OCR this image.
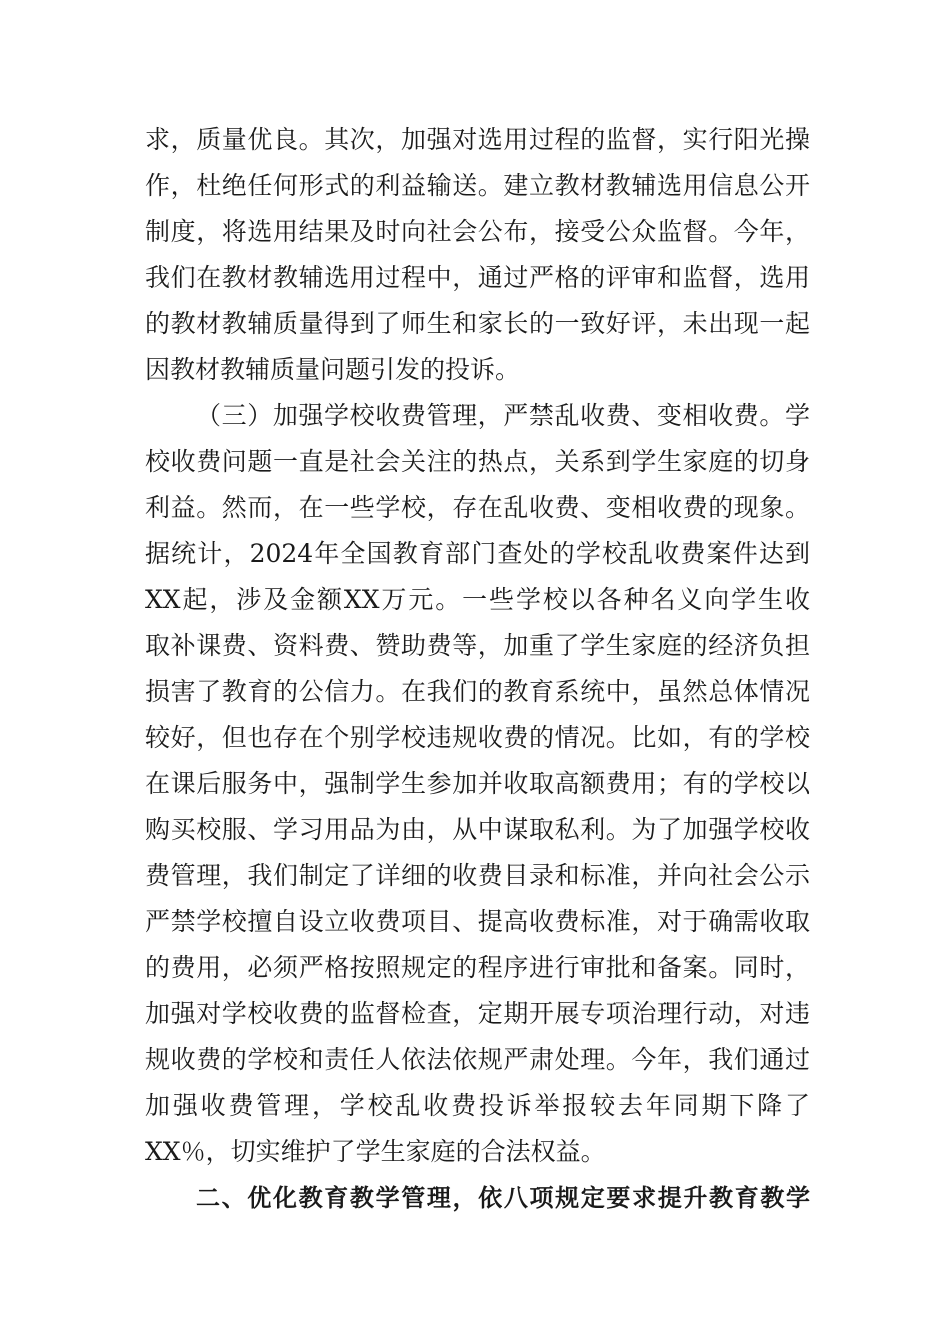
求，质量优良。其次，加强对选用过程的监督，实行阳光操
作，杜绝任何形式的利益输送。建立教材教辅选用信息公开
制度，将选用结果及时向社会公布，接受公众监督。今年，
我们在教材教辅选用过程中，通过严格的评审和监督，选用
的教材教辅质量得到了师生和家长的一致好评，未出现一起
因教材教辅质量问题引发的投诉。
（三）加强学校收费管理，严禁乱收费、变相收费。学
校收费问题一直是社会关注的热点，关系到学生家庭的切身
利益。然而，在一些学校，存在乱收费、变相收费的现象。
据统计，2024年全国教育部门查处的学校乱收费案件达到
XX起，涉及金额XX万元。一些学校以各种名义向学生收
取补课费、资料费、赞助费等，加重了学生家庭的经济负担
损害了教育的公信力。在我们的教育系统中，虽然总体情况
较好，但也存在个别学校违规收费的情况。比如，有的学校
在课后服务中，强制学生参加并收取高额费用；有的学校以
购买校服、学习用品为由，从中谋取私利。为了加强学校收
费管理，我们制定了详细的收费目录和标准，并向社会公示
严禁学校擅自设立收费项目、提高收费标准，对于确需收取
的费用，必须严格按照规定的程序进行审批和备案。同时，
加强对学校收费的监督检查，定期开展专项治理行动，对违
规收费的学校和责任人依法依规严肃处理。今年，我们通过
加强收费管理，学校乱收费投诉举报较去年同期下降了
XX％，切实维护了学生家庭的合法权益。
二、优化教育教学管理，依八项规定要求提升教育教学
